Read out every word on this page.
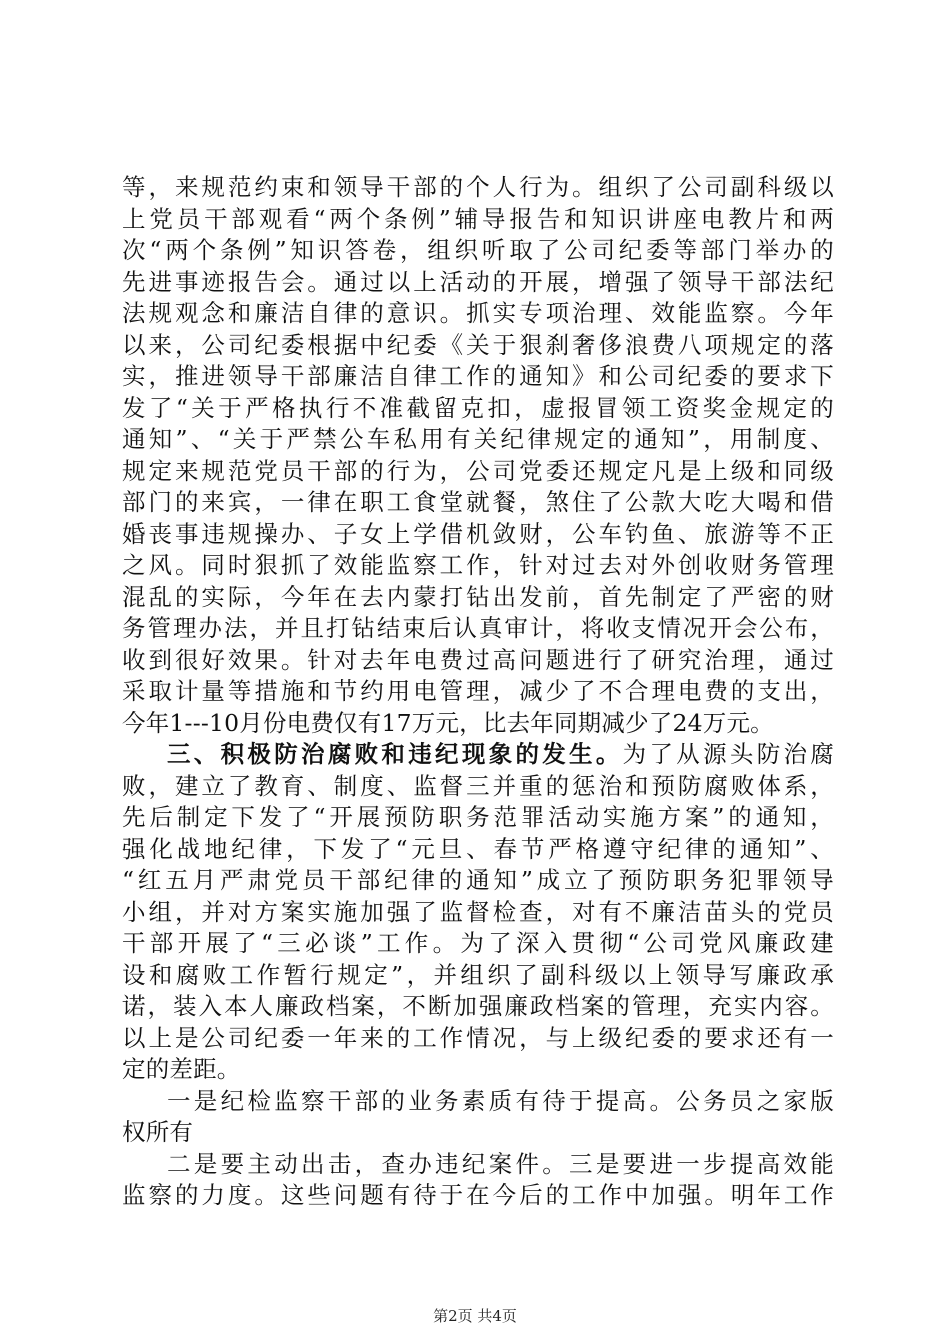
等，来规范约束和领导干部的个人行为。组织了公司副科级以
上党员干部观看“两个条例”辅导报告和知识讲座电教片和两
次“两个条例”知识答卷，组织听取了公司纪委等部门举办的
先进事迹报告会。通过以上活动的开展，增强了领导干部法纪
法规观念和廉洁自律的意识。抓实专项治理、效能监察。今年
以来，公司纪委根据中纪委《关于狠刹奢侈浪费八项规定的落
实，推进领导干部廉洁自律工作的通知》和公司纪委的要求下
发了“关于严格执行不准截留克扣，虚报冒领工资奖金规定的
通知”、“关于严禁公车私用有关纪律规定的通知”，用制度、
规定来规范党员干部的行为，公司党委还规定凡是上级和同级
部门的来宾，一律在职工食堂就餐，煞住了公款大吃大喝和借
婚丧事违规操办、子女上学借机敛财，公车钓鱼、旅游等不正
之风。同时狠抓了效能监察工作，针对过去对外创收财务管理
混乱的实际，今年在去内蒙打钻出发前，首先制定了严密的财
务管理办法，并且打钻结束后认真审计，将收支情况开会公布，
收到很好效果。针对去年电费过高问题进行了研究治理，通过
采取计量等措施和节约用电管理，减少了不合理电费的支出，
今年1---10月份电费仅有17万元，比去年同期减少了24万元。
三、积极防治腐败和违纪现象的发生。为了从源头防治腐
败，建立了教育、制度、监督三并重的惩治和预防腐败体系，
先后制定下发了“开展预防职务范罪活动实施方案”的通知，
强化战地纪律，下发了“元旦、春节严格遵守纪律的通知”、
“红五月严肃党员干部纪律的通知”成立了预防职务犯罪领导
小组，并对方案实施加强了监督检查，对有不廉洁苗头的党员
干部开展了“三必谈”工作。为了深入贯彻“公司党风廉政建
设和腐败工作暂行规定”，并组织了副科级以上领导写廉政承
诺，装入本人廉政档案，不断加强廉政档案的管理，充实内容。
以上是公司纪委一年来的工作情况，与上级纪委的要求还有一
定的差距。
一是纪检监察干部的业务素质有待于提高。公务员之家版
权所有
二是要主动出击，查办违纪案件。三是要进一步提高效能
监察的力度。这些问题有待于在今后的工作中加强。明年工作
第2页 共4页
